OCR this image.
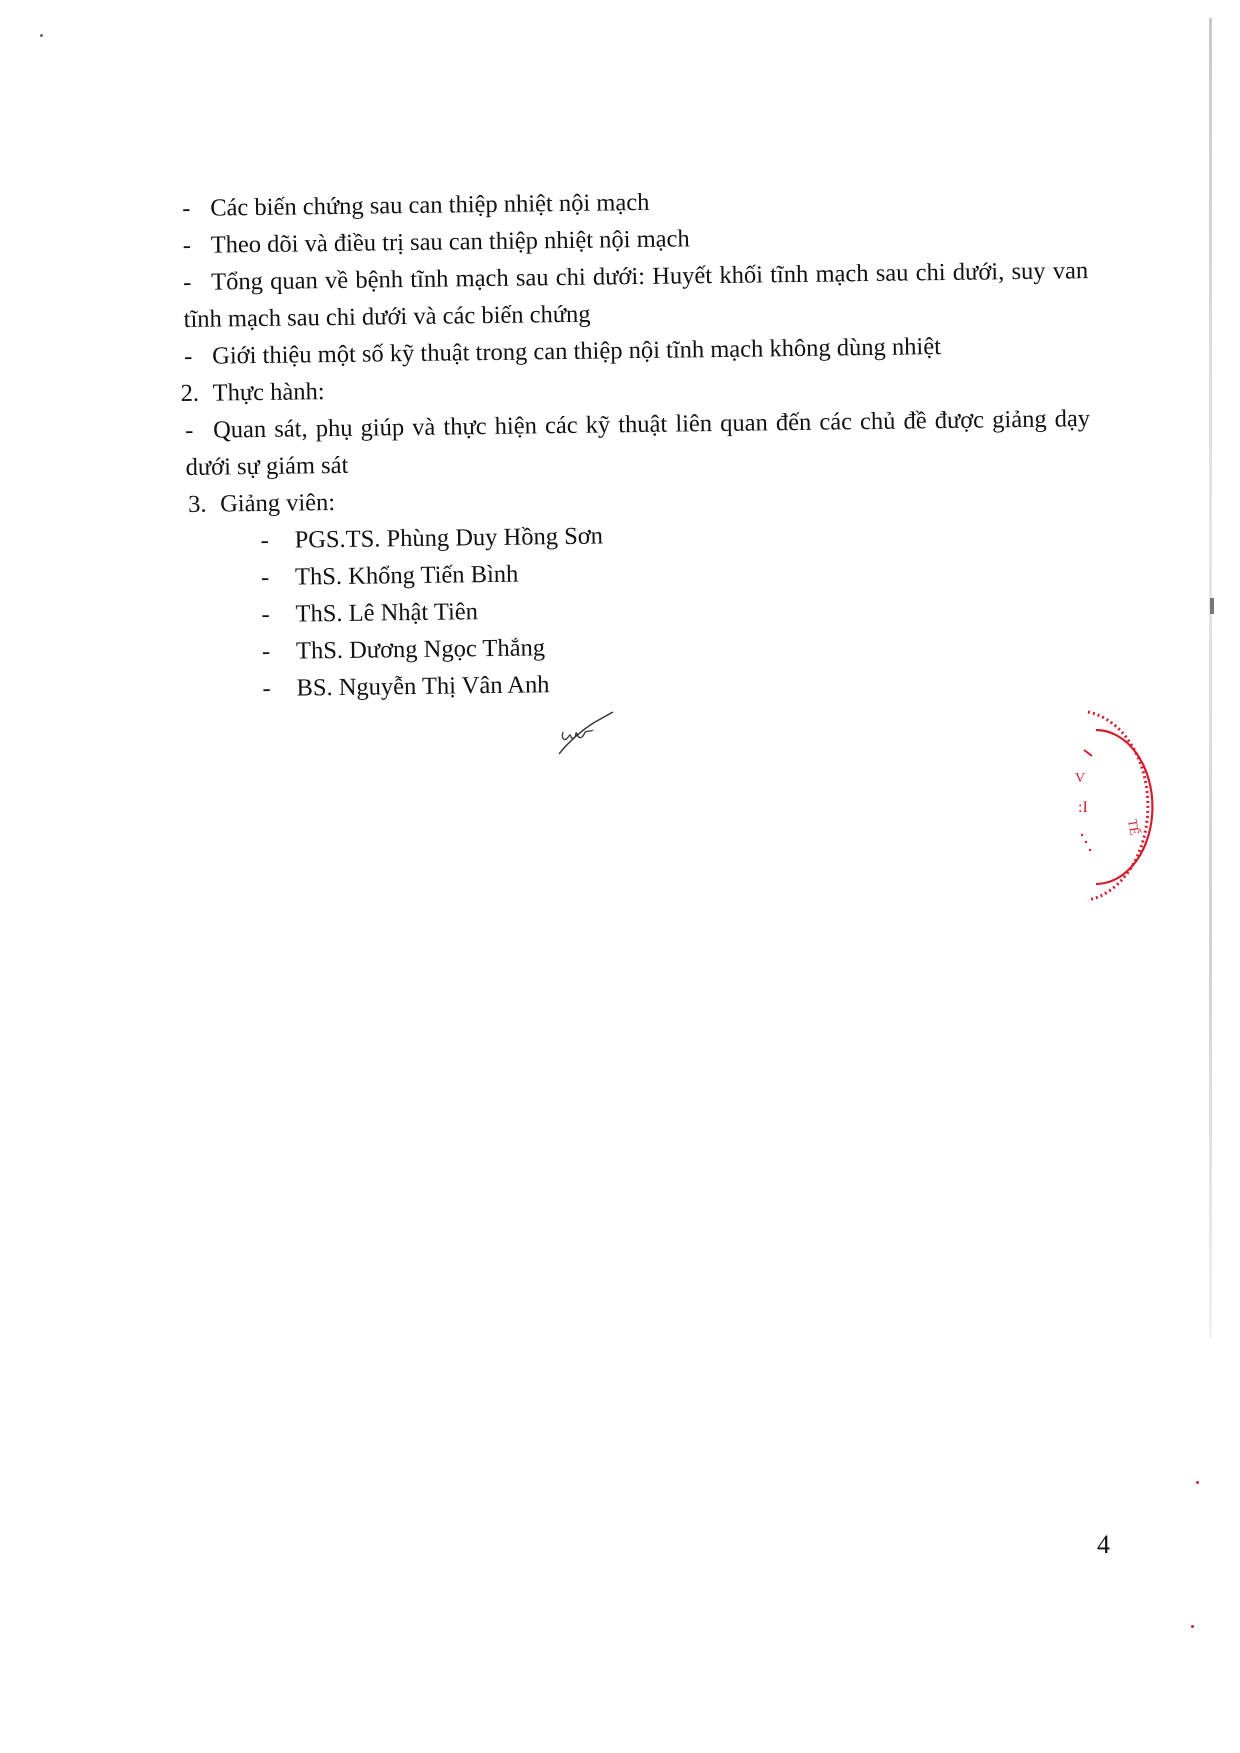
- Các biến chứng sau can thiệp nhiệt nội mạch

- Theo dõi và điều trị sau can thiệp nhiệt nội mạch

- Tổng quan về bệnh tĩnh mạch sau chi dưới: Huyết khối tĩnh mạch sau chi dưới, suy van tĩnh mạch sau chi dưới và các biến chứng

- Giới thiệu một số kỹ thuật trong can thiệp nội tĩnh mạch không dùng nhiệt

2. Thực hành:

- Quan sát, phụ giúp và thực hiện các kỹ thuật liên quan đến các chủ đề được giảng dạy dưới sự giám sát

3. Giảng viên:

- PGS.TS. Phùng Duy Hồng Sơn

- ThS. Khổng Tiến Bình

- ThS. Lê Nhật Tiên

- ThS. Dương Ngọc Thắng

- BS. Nguyễn Thị Vân Anh

V
:I
TẾ
4
